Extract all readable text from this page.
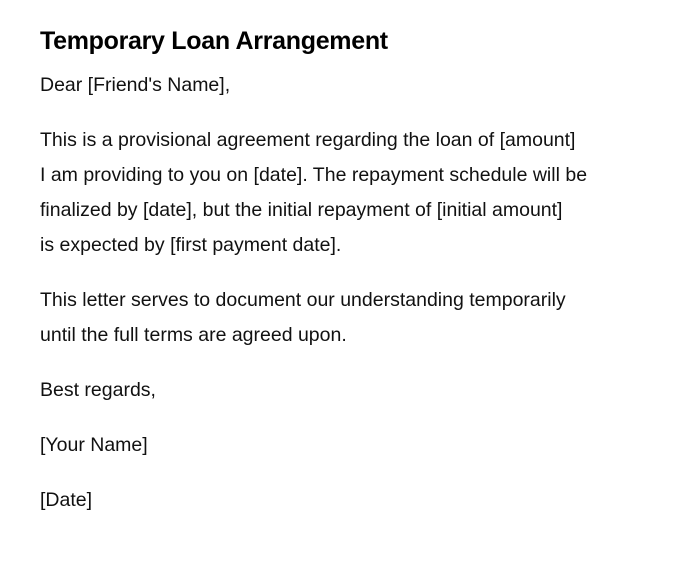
Temporary Loan Arrangement

Dear [Friend's Name],

This is a provisional agreement regarding the loan of [amount]
I am providing to you on [date]. The repayment schedule will be
finalized by [date], but the initial repayment of [initial amount]
is expected by [first payment date].

This letter serves to document our understanding temporarily
until the full terms are agreed upon.

Best regards,

[Your Name]

[Date]
